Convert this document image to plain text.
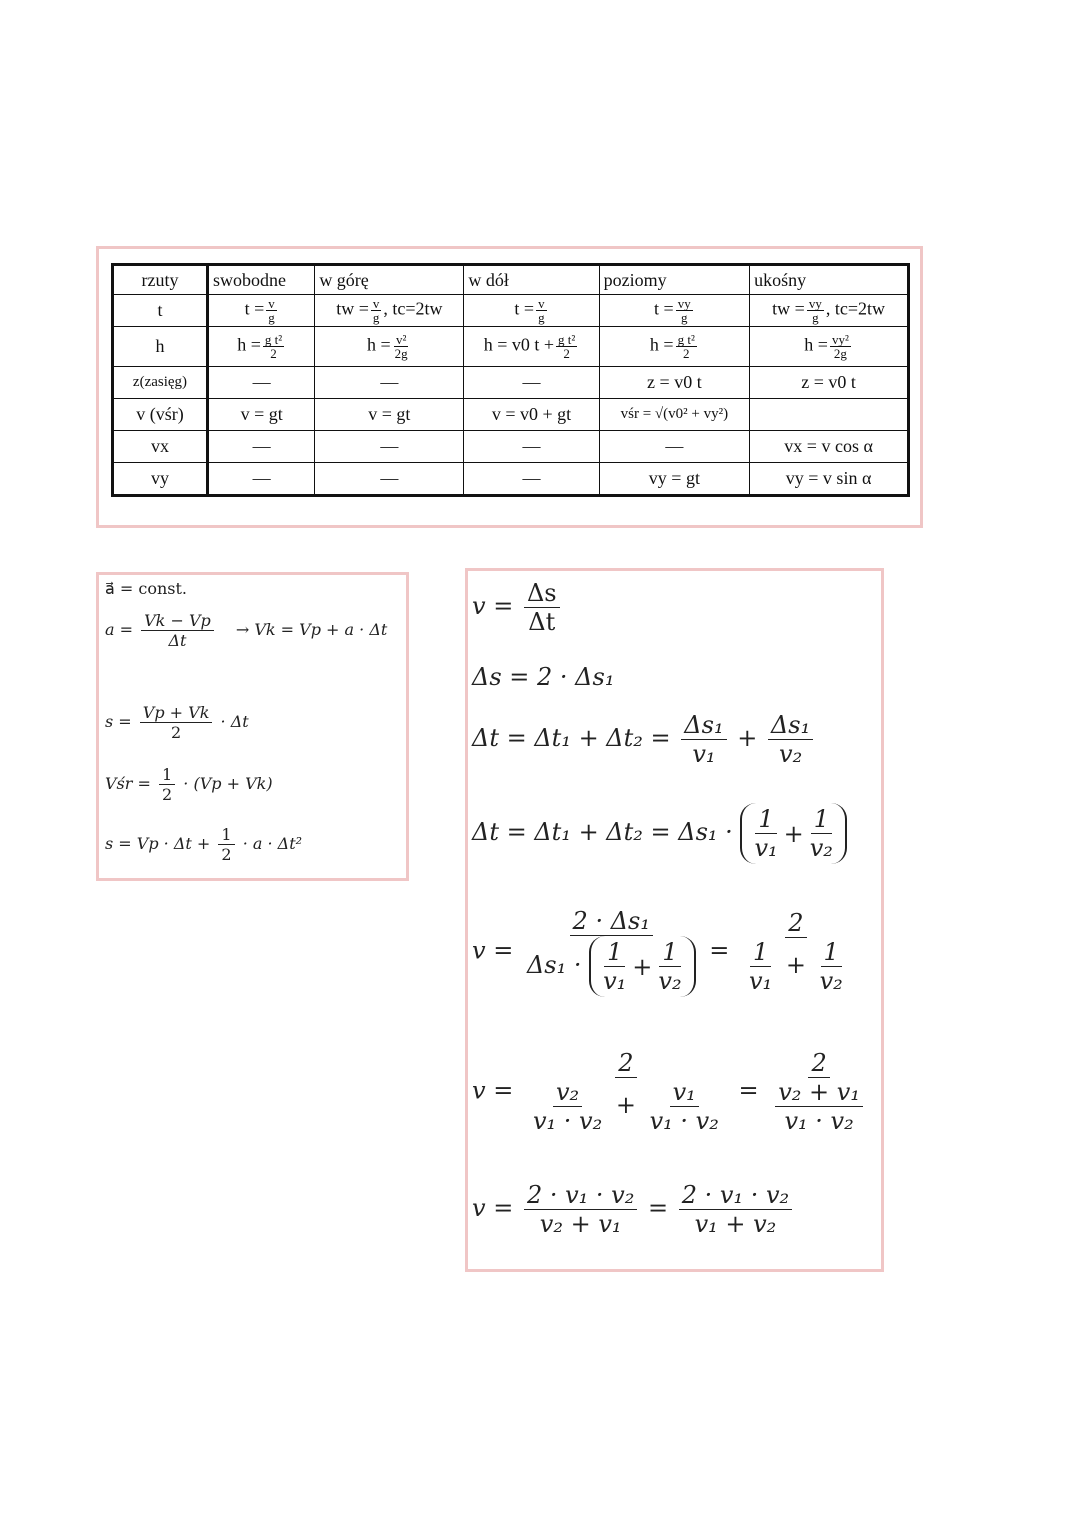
rzuty	swobodne	w górę	w dół	poziomy	ukośny
t	$t = \frac{v}{g}$	tw = $\frac{v}{g}$ , tc=2tw	$t = \frac{v}{g}$	$t = \frac{vy}{g}$	tw = $\frac{vy}{g}$ , tc=2tw
h	$h = \frac{\text{g t²}}{2}$	$h = \frac{\text{v²}}{2g}$	h = v0 $t + \frac{\text{g t²}}{2}$	$h = \frac{\text{g t²}}{2}$	$h = \frac{\text{vy²}}{2g}$

z(zasięg)	—	—	—	z = v0 t	z = v0 t
v (vśr)	v = gt	v = gt	v = v0 + gt	vśr = √(v0² + vy²)	
vx	—	—	—	—	vx = v cos α
vy	—	—	—	vy = gt	vy = v sin α
a⃗ = const.
$a = \frac{Vk - Vp}{\Delta t} \to Vk = Vp + a \cdot \Delta t$
$s = \frac{Vp + Vk}{2} \cdot \Delta t$
Vśr = $\frac{1}{2} \cdot (Vp + Vk)$
$s = Vp \cdot \Delta t + \frac{1}{2} \cdot a \cdot \Delta t^2$
$v = \frac{\Delta s}{\Delta t}$
Δs = 2 · Δs₁
$\Delta t = \Delta t_1 + \Delta t_2 = \frac{\text{Δs₁}}{\text{v₁}} + \frac{\text{Δs₁}}{\text{v₂}}$
Δt = Δt₁ + Δt₂ = Δs₁ · 1
v₁
+ $\frac{1}{\text{v₂}}$
v = 2 · Δs₁
Δs₁ · 1
v₁
+ $\frac{1}{\text{v₂}} = \frac{2}{\frac{1}{\text{v₁}} + \frac{1}{\text{v₂}}}$
$v = \frac{2}{\frac{\text{v₂}}{\text{v₁ · v₂}} + \frac{\text{v₁}}{\text{v₁ · v₂}}} = \frac{2}{\frac{\text{v₂ + v₁}}{\text{v₁ · v₂}}}$
$v = \frac{\text{2 · v₁ · v₂}}{\text{v₂ + v₁}} = \frac{\text{2 · v₁ · v₂}}{\text{v₁ + v₂}}$
